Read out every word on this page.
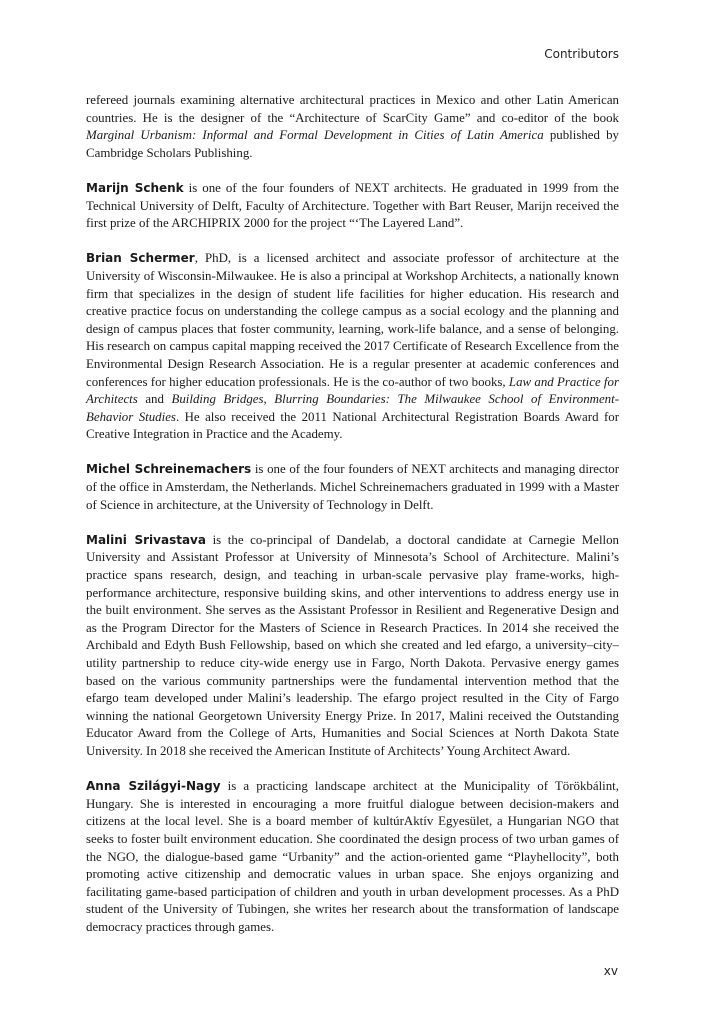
Contributors

refereed journals examining alternative architectural practices in Mexico and other Latin American countries. He is the designer of the “Architecture of ScarCity Game” and co-editor of the book Marginal Urbanism: Informal and Formal Development in Cities of Latin America published by Cambridge Scholars Publishing.

Marijn Schenk is one of the four founders of NEXT architects. He graduated in 1999 from the Technical University of Delft, Faculty of Architecture. Together with Bart Reuser, Marijn received the first prize of the ARCHIPRIX 2000 for the project “‘The Layered Land”.

Brian Schermer, PhD, is a licensed architect and associate professor of architecture at the University of Wisconsin-Milwaukee. He is also a principal at Workshop Architects, a nationally known firm that specializes in the design of student life facilities for higher education. His research and creative practice focus on understanding the college campus as a social ecology and the planning and design of campus places that foster community, learning, work-life balance, and a sense of belonging. His research on campus capital mapping received the 2017 Certificate of Research Excellence from the Environmental Design Research Association. He is a regular presenter at academic conferences and conferences for higher education professionals. He is the co-author of two books, Law and Practice for Architects and Building Bridges, Blurring Boundaries: The Milwaukee School of Environment-Behavior Studies. He also received the 2011 National Architectural Registration Boards Award for Creative Integration in Practice and the Academy.

Michel Schreinemachers is one of the four founders of NEXT architects and managing director of the office in Amsterdam, the Netherlands. Michel Schreinemachers graduated in 1999 with a Master of Science in architecture, at the University of Technology in Delft.

Malini Srivastava is the co-principal of Dandelab, a doctoral candidate at Carnegie Mellon University and Assistant Professor at University of Minnesota’s School of Architecture. Malini’s practice spans research, design, and teaching in urban-scale pervasive play frame-works, high-performance architecture, responsive building skins, and other interventions to address energy use in the built environment. She serves as the Assistant Professor in Resilient and Regenerative Design and as the Program Director for the Masters of Science in Research Practices. In 2014 she received the Archibald and Edyth Bush Fellowship, based on which she created and led efargo, a university–city–utility partnership to reduce city-wide energy use in Fargo, North Dakota. Pervasive energy games based on the various community partnerships were the fundamental intervention method that the efargo team developed under Malini’s leadership. The efargo project resulted in the City of Fargo winning the national Georgetown University Energy Prize. In 2017, Malini received the Outstanding Educator Award from the College of Arts, Humanities and Social Sciences at North Dakota State University. In 2018 she received the American Institute of Architects’ Young Architect Award.

Anna Szilágyi-Nagy is a practicing landscape architect at the Municipality of Törökbálint, Hungary. She is interested in encouraging a more fruitful dialogue between decision-makers and citizens at the local level. She is a board member of kultúrAktív Egyesület, a Hungarian NGO that seeks to foster built environment education. She coordinated the design process of two urban games of the NGO, the dialogue-based game “Urbanity” and the action-oriented game “Playhellocity”, both promoting active citizenship and democratic values in urban space. She enjoys organizing and facilitating game-based participation of children and youth in urban development processes. As a PhD student of the University of Tubingen, she writes her research about the transformation of landscape democracy practices through games.

xv
